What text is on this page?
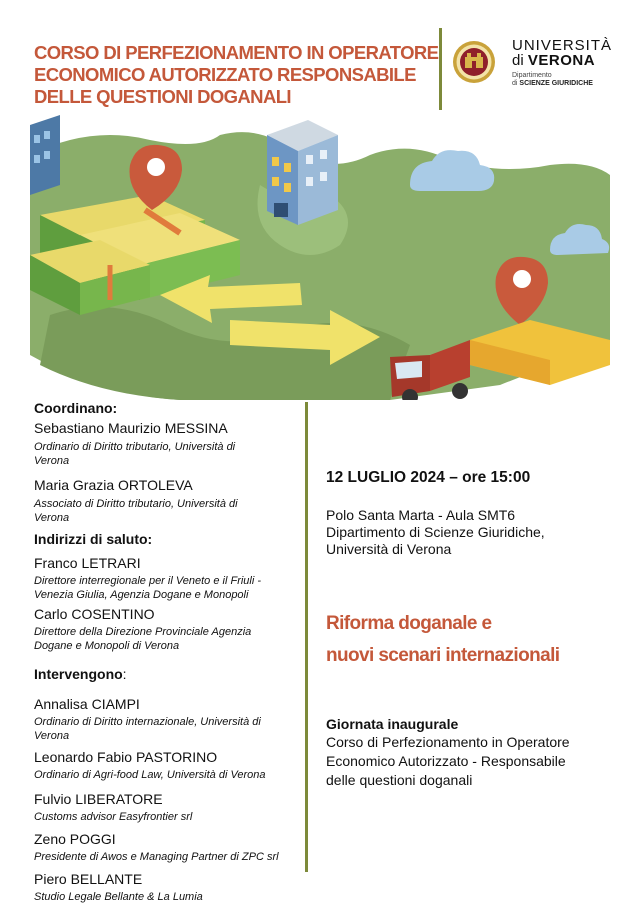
CORSO DI PERFEZIONAMENTO IN OPERATORE
ECONOMICO AUTORIZZATO RESPONSABILE
DELLE QUESTIONI DOGANALI
UNIVERSITÀ
di VERONA
Dipartimento
di SCIENZE GIURIDICHE
Coordinano:
Sebastiano Maurizio MESSINA
Ordinario di Diritto tributario, Università di
Verona
Maria Grazia ORTOLEVA
Associato di Diritto tributario, Università di
Verona
Indirizzi di saluto:
Franco LETRARI
Direttore interregionale per il Veneto e il Friuli -
Venezia Giulia, Agenzia Dogane e Monopoli
Carlo COSENTINO
Direttore della Direzione Provinciale Agenzia
Dogane e Monopoli di Verona
Intervengono:
Annalisa CIAMPI
Ordinario di Diritto internazionale, Università di
Verona
Leonardo Fabio PASTORINO
Ordinario di Agri-food Law, Università di Verona
Fulvio LIBERATORE
Customs advisor Easyfrontier srl
Zeno POGGI
Presidente di Awos e Managing Partner di ZPC srl
Piero BELLANTE
Studio Legale Bellante & La Lumia
12 LUGLIO 2024 – ore 15:00
Polo Santa Marta - Aula SMT6
Dipartimento di Scienze Giuridiche,
Università di Verona
Riforma doganale e
nuovi scenari internazionali
Giornata inaugurale
Corso di Perfezionamento in Operatore
Economico Autorizzato - Responsabile
delle questioni doganali
